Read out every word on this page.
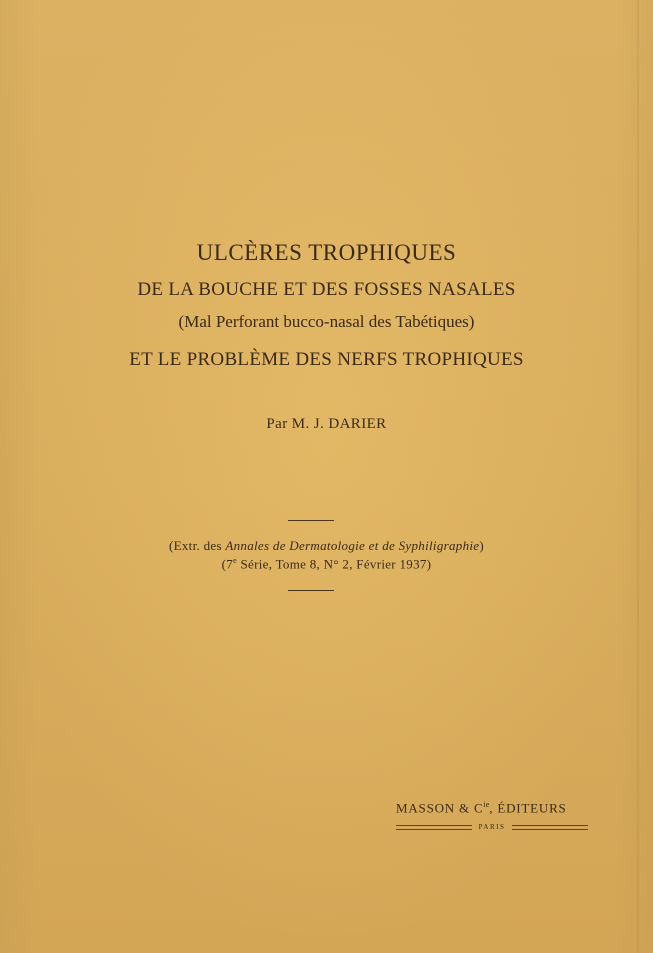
ULCÈRES TROPHIQUES
DE LA BOUCHE ET DES FOSSES NASALES
(Mal Perforant bucco-nasal des Tabétiques)
ET LE PROBLÈME DES NERFS TROPHIQUES
Par M. J. DARIER
(Extr. des Annales de Dermatologie et de Syphiligraphie)
(7e Série, Tome 8, N° 2, Février 1937)
MASSON & $C^{ie}$, ÉDITEURS
PARIS
